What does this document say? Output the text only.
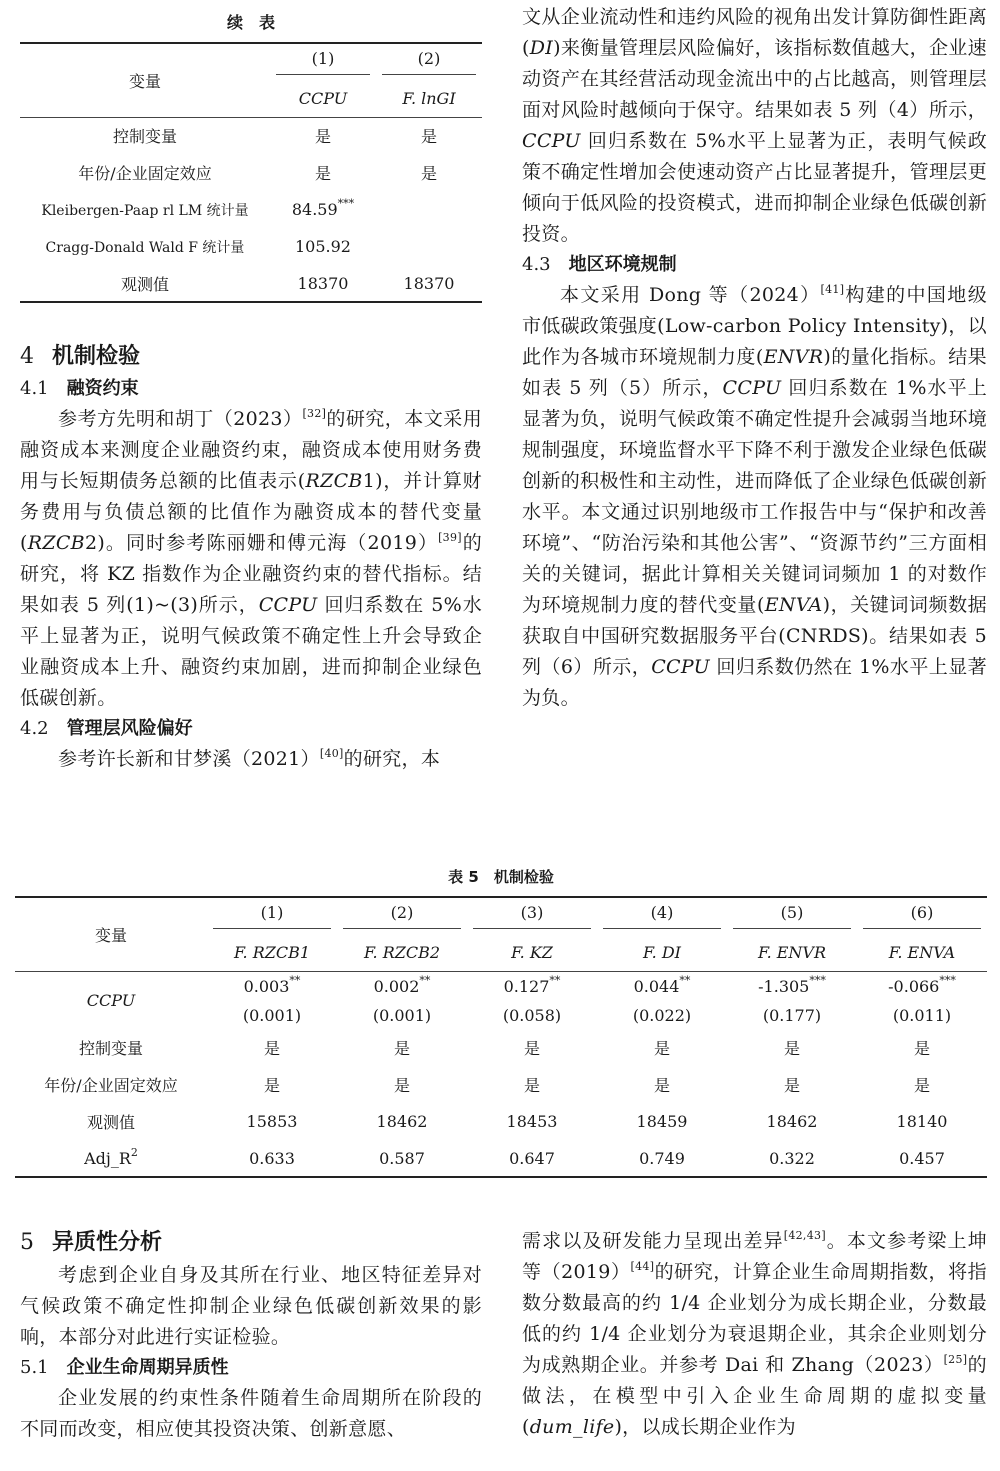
续　表
变量	(1)	(2)

	CCPU	F. lnGI
控制变量	是	是
年份/企业固定效应	是	是
Kleibergen-Paap rl LM 统计量	84.59***	
Cragg-Donald Wald F 统计量	105.92	
观测值	18370	18370
4 机制检验
4.1 融资约束

参考方先明和胡丁（2023）[32]的研究，本文采用融资成本来测度企业融资约束，融资成本使用财务费用与长短期债务总额的比值表示(RZCB1)，并计算财务费用与负债总额的比值作为融资成本的替代变量(RZCB2)。同时参考陈丽姗和傅元海（2019）[39]的研究，将 KZ 指数作为企业融资约束的替代指标。结果如表 5 列(1)~(3)所示，CCPU 回归系数在 5%水平上显著为正，说明气候政策不确定性上升会导致企业融资成本上升、融资约束加剧，进而抑制企业绿色低碳创新。

4.2 管理层风险偏好

参考许长新和甘梦溪（2021）[40]的研究，本

文从企业流动性和违约风险的视角出发计算防御性距离(DI)来衡量管理层风险偏好，该指标数值越大，企业速动资产在其经营活动现金流出中的占比越高，则管理层面对风险时越倾向于保守。结果如表 5 列（4）所示，CCPU 回归系数在 5%水平上显著为正，表明气候政策不确定性增加会使速动资产占比显著提升，管理层更倾向于低风险的投资模式，进而抑制企业绿色低碳创新投资。

4.3 地区环境规制

本文采用 Dong 等（2024）[41]构建的中国地级市低碳政策强度(Low-carbon Policy Intensity)，以此作为各城市环境规制力度(ENVR)的量化指标。结果如表 5 列（5）所示，CCPU 回归系数在 1%水平上显著为负，说明气候政策不确定性提升会减弱当地环境规制强度，环境监督水平下降不利于激发企业绿色低碳创新的积极性和主动性，进而降低了企业绿色低碳创新水平。本文通过识别地级市工作报告中与“保护和改善环境”、“防治污染和其他公害”、“资源节约”三方面相关的关键词，据此计算相关关键词词频加 1 的对数作为环境规制力度的替代变量(ENVA)，关键词词频数据获取自中国研究数据服务平台(CNRDS)。结果如表 5 列（6）所示，CCPU 回归系数仍然在 1%水平上显著为负。

表 5　机制检验
变量	(1)	(2)	(3)	(4)	(5)	(6)

	F. RZCB1	F. RZCB2	F. KZ	F. DI	F. ENVR	F. ENVA
CCPU	0.003**	0.002**	0.127**	0.044**	-1.305***	-0.066***
	(0.001)	(0.001)	(0.058)	(0.022)	(0.177)	(0.011)
控制变量	是	是	是	是	是	是
年份/企业固定效应	是	是	是	是	是	是
观测值	15853	18462	18453	18459	18462	18140
$Adj\_R^2$	0.633	0.587	0.647	0.749	0.322	0.457
5 异质性分析

考虑到企业自身及其所在行业、地区特征差异对气候政策不确定性抑制企业绿色低碳创新效果的影响，本部分对此进行实证检验。

5.1 企业生命周期异质性

企业发展的约束性条件随着生命周期所在阶段的不同而改变，相应使其投资决策、创新意愿、

需求以及研发能力呈现出差异[42,43]。本文参考梁上坤等（2019）[44]的研究，计算企业生命周期指数，将指数分数最高的约 1/4 企业划分为成长期企业，分数最低的约 1/4 企业划分为衰退期企业，其余企业则划分为成熟期企业。并参考 Dai 和 Zhang（2023）[25]的做法，在模型中引入企业生命周期的虚拟变量(dum_life)，以成长期企业作为
